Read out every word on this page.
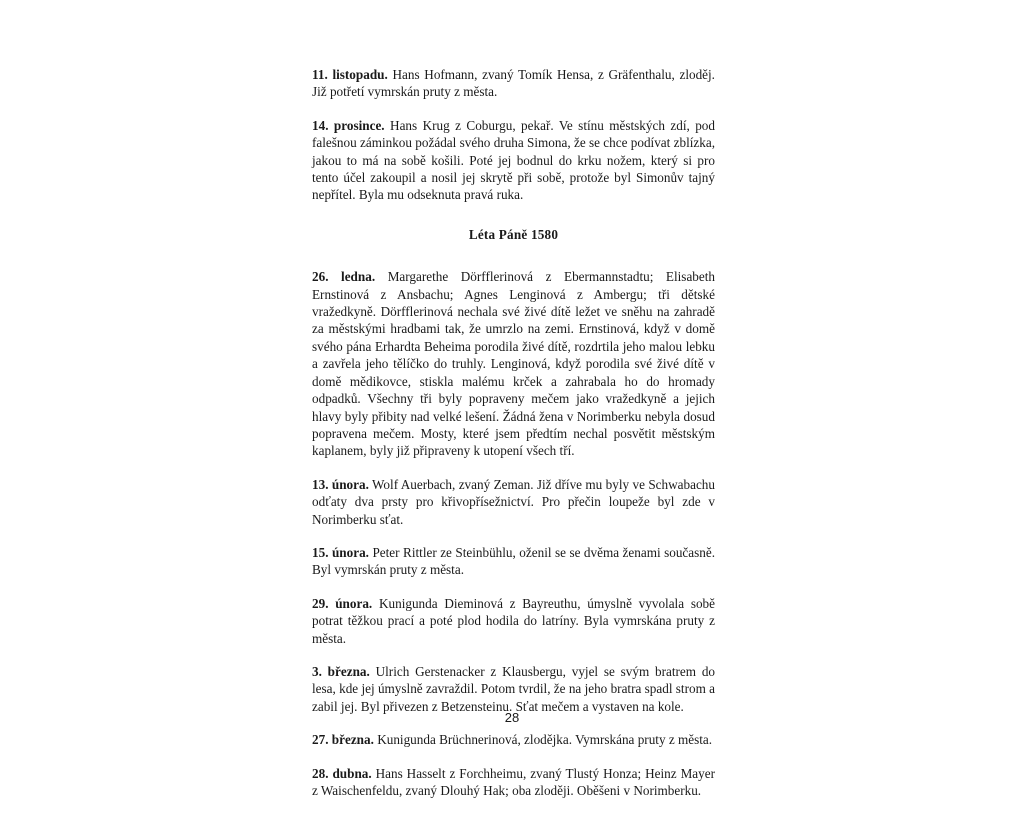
11. listopadu. Hans Hofmann, zvaný Tomík Hensa, z Gräfenthalu, zloděj. Již potřetí vymrskán pruty z města.

14. prosince. Hans Krug z Coburgu, pekař. Ve stínu městských zdí, pod falešnou záminkou požádal svého druha Simona, že se chce podívat zblízka, jakou to má na sobě košili. Poté jej bodnul do krku nožem, který si pro tento účel zakoupil a nosil jej skrytě při sobě, protože byl Simonův tajný nepřítel. Byla mu odseknuta pravá ruka.

Léta Páně 1580

26. ledna. Margarethe Dörfflerinová z Ebermannstadtu; Elisabeth Ernstinová z Ansbachu; Agnes Lenginová z Ambergu; tři dětské vražedkyně. Dörfflerinová nechala své živé dítě ležet ve sněhu na zahradě za městskými hradbami tak, že umrzlo na zemi. Ernstinová, když v domě svého pána Erhardta Beheima porodila živé dítě, rozdrtila jeho malou lebku a zavřela jeho tělíčko do truhly. Lenginová, když porodila své živé dítě v domě mědikovce, stiskla malému krček a zahrabala ho do hromady odpadků. Všechny tři byly popraveny mečem jako vražedkyně a jejich hlavy byly přibity nad velké lešení. Žádná žena v Norimberku nebyla dosud popravena mečem. Mosty, které jsem předtím nechal posvětit městským kaplanem, byly již připraveny k utopení všech tří.

13. února. Wolf Auerbach, zvaný Zeman. Již dříve mu byly ve Schwabachu odťaty dva prsty pro křivopřísežnictví. Pro přečin loupeže byl zde v Norimberku sťat.

15. února. Peter Rittler ze Steinbühlu, oženil se se dvěma ženami současně. Byl vymrskán pruty z města.

29. února. Kunigunda Dieminová z Bayreuthu, úmyslně vyvolala sobě potrat těžkou prací a poté plod hodila do latríny. Byla vymrskána pruty z města.

3. března. Ulrich Gerstenacker z Klausbergu, vyjel se svým bratrem do lesa, kde jej úmyslně zavraždil. Potom tvrdil, že na jeho bratra spadl strom a zabil jej. Byl přivezen z Betzensteinu. Sťat mečem a vystaven na kole.

27. března. Kunigunda Brüchnerinová, zlodějka. Vymrskána pruty z města.

28. dubna. Hans Hasselt z Forchheimu, zvaný Tlustý Honza; Heinz Mayer z Waischenfeldu, zvaný Dlouhý Hak; oba zloději. Oběšeni v Norimberku.

28
